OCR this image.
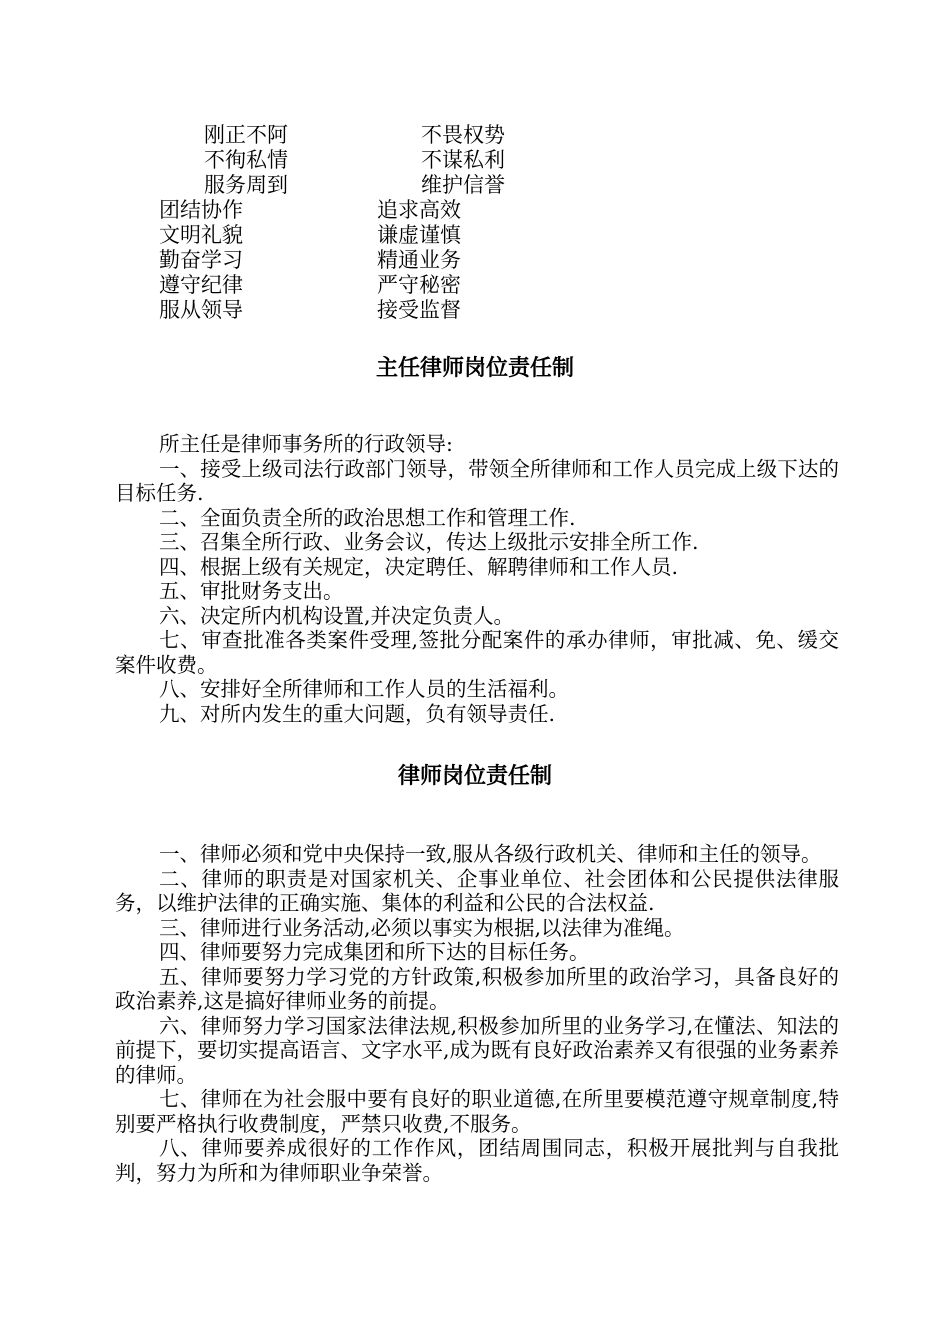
刚正不阿	不畏权势
不徇私情	不谋私利
服务周到	维护信誉
团结协作	追求高效
文明礼貌	谦虚谨慎
勤奋学习	精通业务
遵守纪律	严守秘密
服从领导	接受监督
主任律师岗位责任制

所主任是律师事务所的行政领导:

一、接受上级司法行政部门领导，带领全所律师和工作人员完成上级下达的目标任务.

二、全面负责全所的政治思想工作和管理工作.

三、召集全所行政、业务会议，传达上级批示安排全所工作.

四、根据上级有关规定，决定聘任、解聘律师和工作人员.

五、审批财务支出。

六、决定所内机构设置,并决定负责人。

七、审查批准各类案件受理,签批分配案件的承办律师，审批减、免、缓交案件收费。

八、安排好全所律师和工作人员的生活福利。

九、对所内发生的重大问题，负有领导责任.

律师岗位责任制

一、律师必须和党中央保持一致,服从各级行政机关、律师和主任的领导。

二、律师的职责是对国家机关、企事业单位、社会团体和公民提供法律服务，以维护法律的正确实施、集体的利益和公民的合法权益.

三、律师进行业务活动,必须以事实为根据,以法律为准绳。

四、律师要努力完成集团和所下达的目标任务。

五、律师要努力学习党的方针政策,积极参加所里的政治学习，具备良好的政治素养,这是搞好律师业务的前提。

六、律师努力学习国家法律法规,积极参加所里的业务学习,在懂法、知法的前提下，要切实提高语言、文字水平,成为既有良好政治素养又有很强的业务素养的律师。

七、律师在为社会服中要有良好的职业道德,在所里要模范遵守规章制度,特别要严格执行收费制度，严禁只收费,不服务。

八、律师要养成很好的工作作风，团结周围同志，积极开展批判与自我批判，努力为所和为律师职业争荣誉。
